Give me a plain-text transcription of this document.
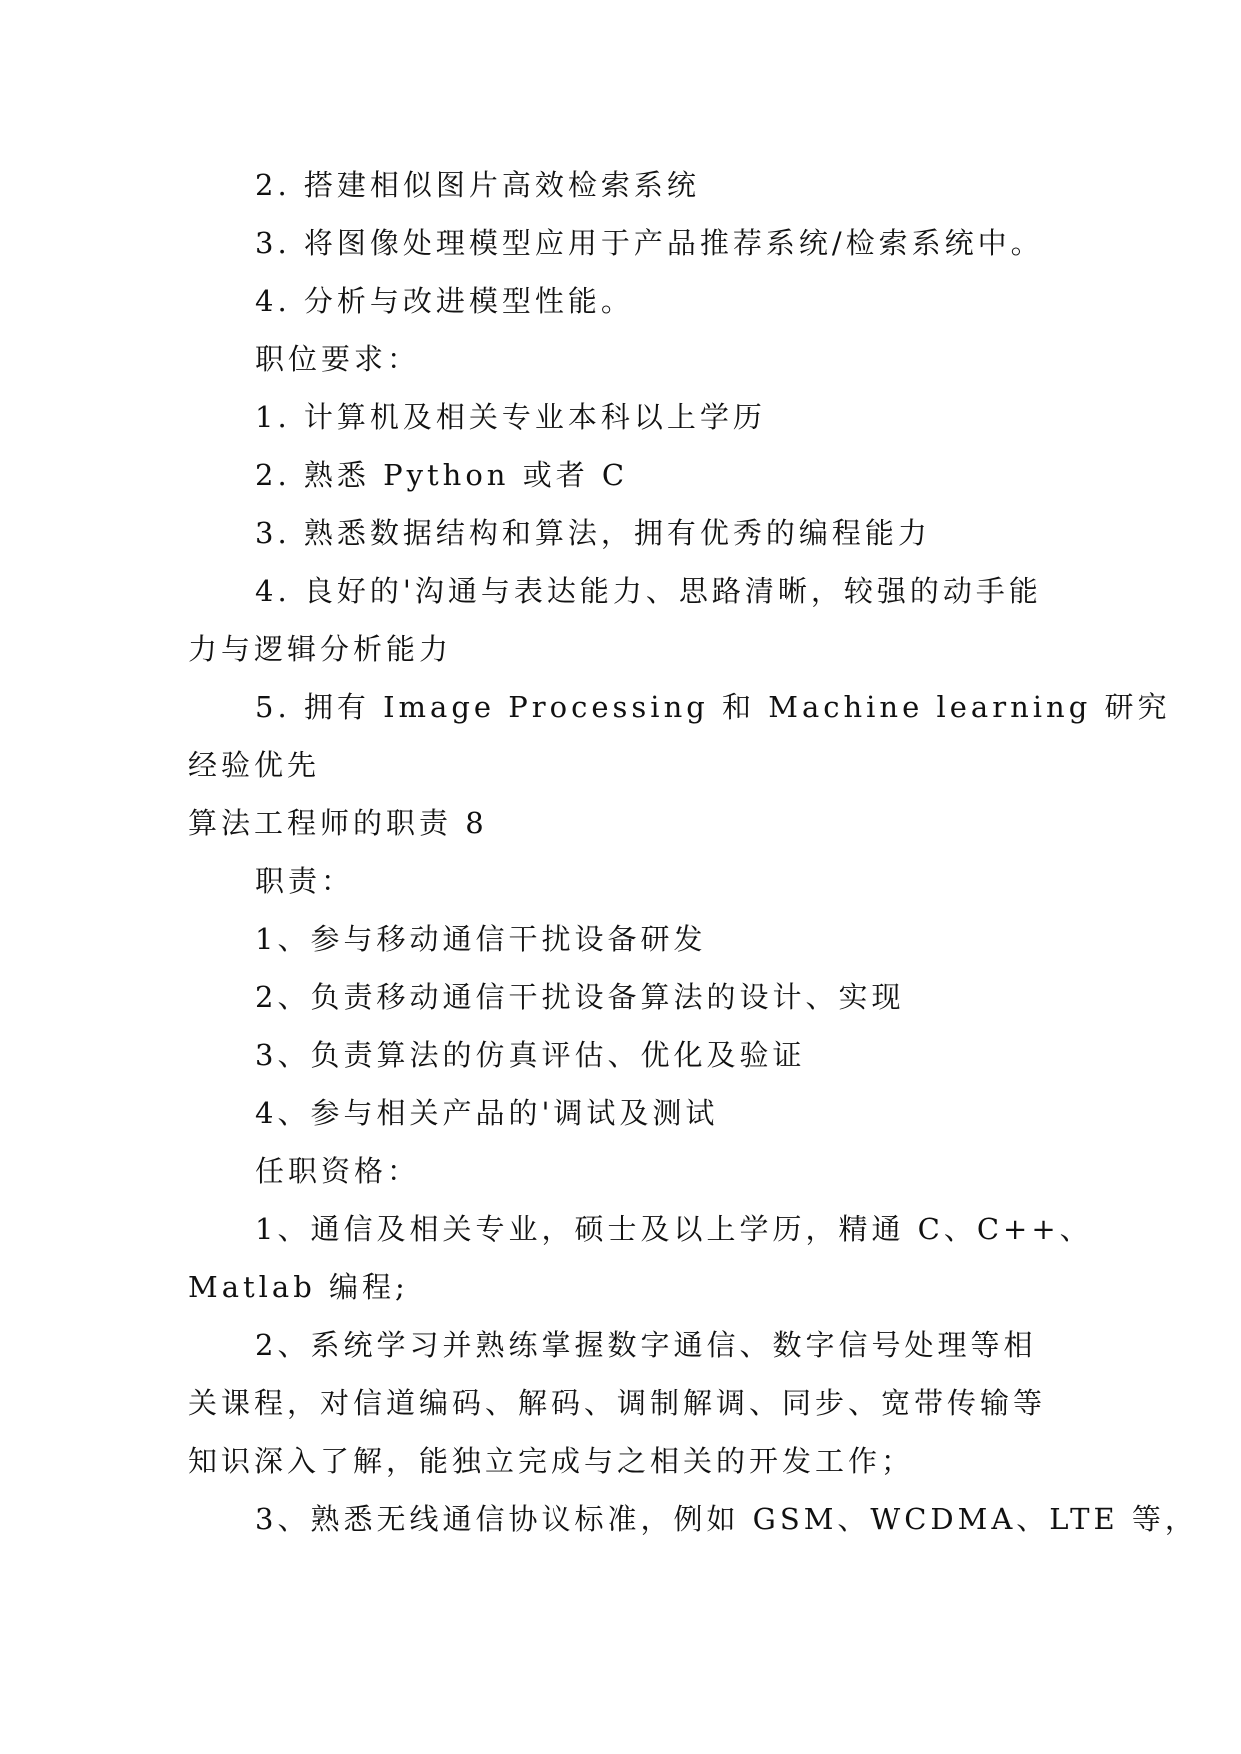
2. 搭建相似图片高效检索系统
3. 将图像处理模型应用于产品推荐系统/检索系统中。
4. 分析与改进模型性能。
职位要求：
1. 计算机及相关专业本科以上学历
2. 熟悉 Python 或者 C
3. 熟悉数据结构和算法，拥有优秀的编程能力
4. 良好的'沟通与表达能力、思路清晰，较强的动手能
力与逻辑分析能力
5. 拥有 Image Processing 和 Machine learning 研究
经验优先
算法工程师的职责 8
职责：
1、参与移动通信干扰设备研发
2、负责移动通信干扰设备算法的设计、实现
3、负责算法的仿真评估、优化及验证
4、参与相关产品的'调试及测试
任职资格：
1、通信及相关专业，硕士及以上学历，精通 C、C++、
Matlab 编程;
2、系统学习并熟练掌握数字通信、数字信号处理等相
关课程，对信道编码、解码、调制解调、同步、宽带传输等
知识深入了解，能独立完成与之相关的开发工作；
3、熟悉无线通信协议标准，例如 GSM、WCDMA、LTE 等，
